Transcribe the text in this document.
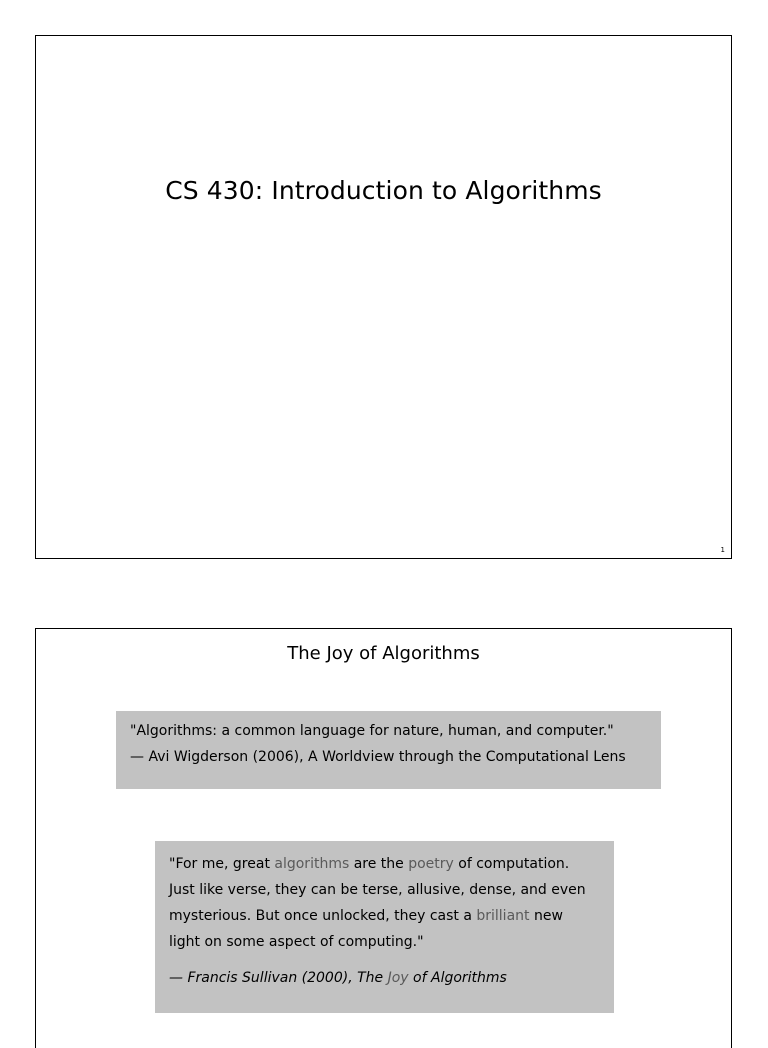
CS 430: Introduction to Algorithms
1
The Joy of Algorithms
"Algorithms: a common language for nature, human, and computer."
— Avi Wigderson (2006), A Worldview through the Computational Lens
"For me, great algorithms are the poetry of computation.
Just like verse, they can be terse, allusive, dense, and even
mysterious. But once unlocked, they cast a brilliant new
light on some aspect of computing."
— Francis Sullivan (2000), The Joy of Algorithms
